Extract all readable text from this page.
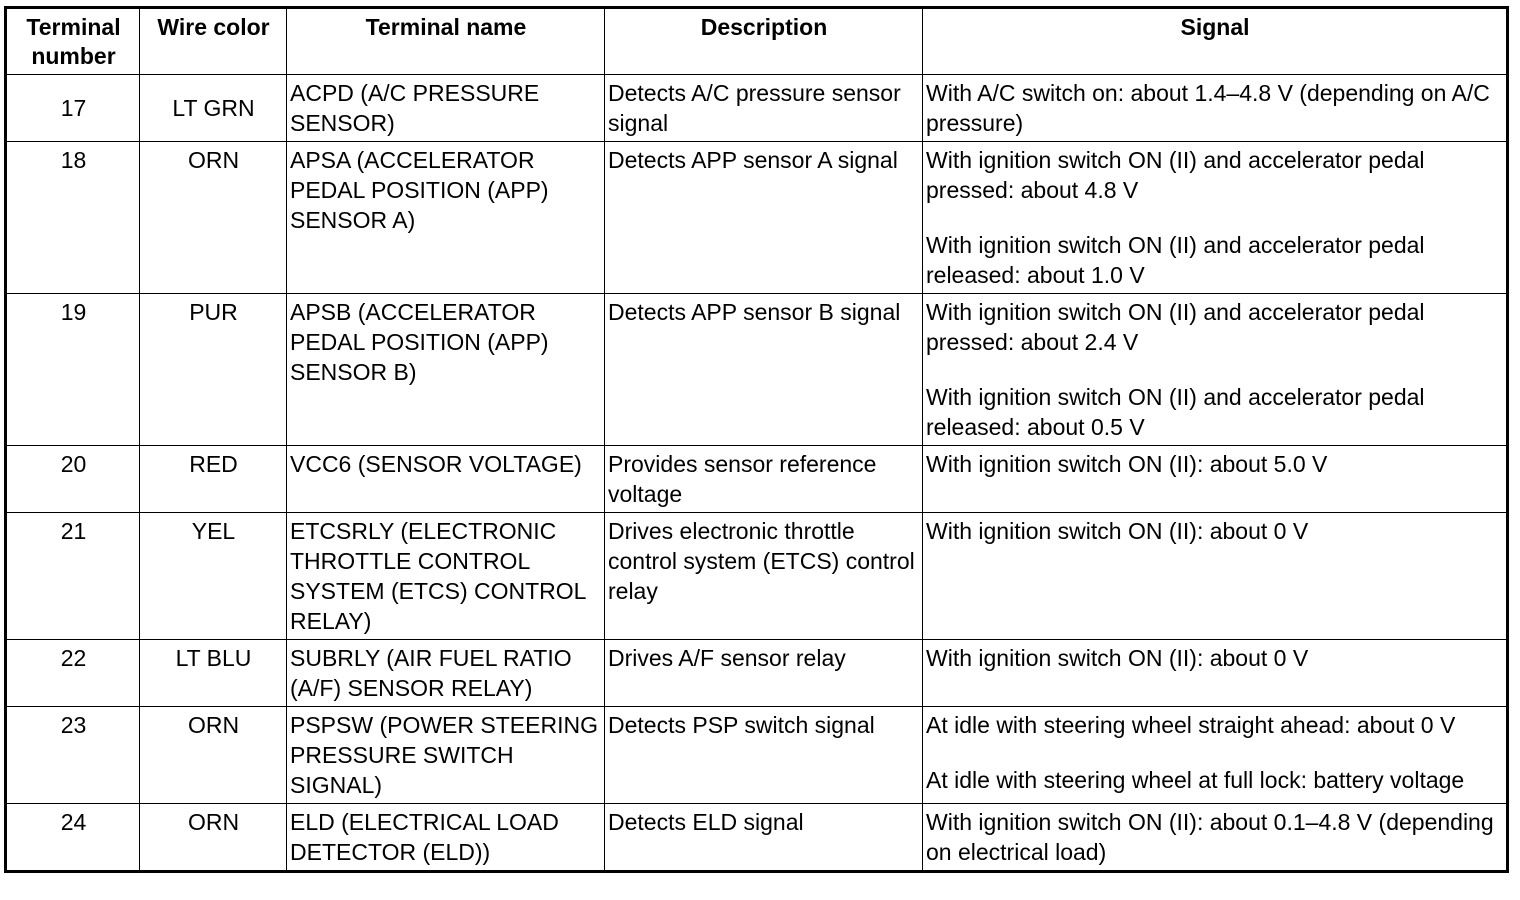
Terminal number	Wire color	Terminal name	Description	Signal
17	LT GRN	ACPD (A/C PRESSURE SENSOR)	Detects A/C pressure sensor signal	With A/C switch on: about 1.4–4.8 V (depending on A/C pressure)

18	ORN	APSA (ACCELERATOR PEDAL POSITION (APP) SENSOR A)	Detects APP sensor A signal	With ignition switch ON (II) and accelerator pedal pressed: about 4.8 V
With ignition switch ON (II) and accelerator pedal released: about 1.0 V

19	PUR	APSB (ACCELERATOR PEDAL POSITION (APP) SENSOR B)	Detects APP sensor B signal	With ignition switch ON (II) and accelerator pedal pressed: about 2.4 V
With ignition switch ON (II) and accelerator pedal released: about 0.5 V

20	RED	VCC6 (SENSOR VOLTAGE)	Provides sensor reference voltage	With ignition switch ON (II): about 5.0 V

21	YEL	ETCSRLY (ELECTRONIC THROTTLE CONTROL SYSTEM (ETCS) CONTROL RELAY)	Drives electronic throttle control system (ETCS) control relay	With ignition switch ON (II): about 0 V

22	LT BLU	SUBRLY (AIR FUEL RATIO (A/F) SENSOR RELAY)	Drives A/F sensor relay	With ignition switch ON (II): about 0 V

23	ORN	PSPSW (POWER STEERING PRESSURE SWITCH SIGNAL)	Detects PSP switch signal	At idle with steering wheel straight ahead: about 0 V
At idle with steering wheel at full lock: battery voltage

24	ORN	ELD (ELECTRICAL LOAD DETECTOR (ELD))	Detects ELD signal	With ignition switch ON (II): about 0.1–4.8 V (depending on electrical load)
